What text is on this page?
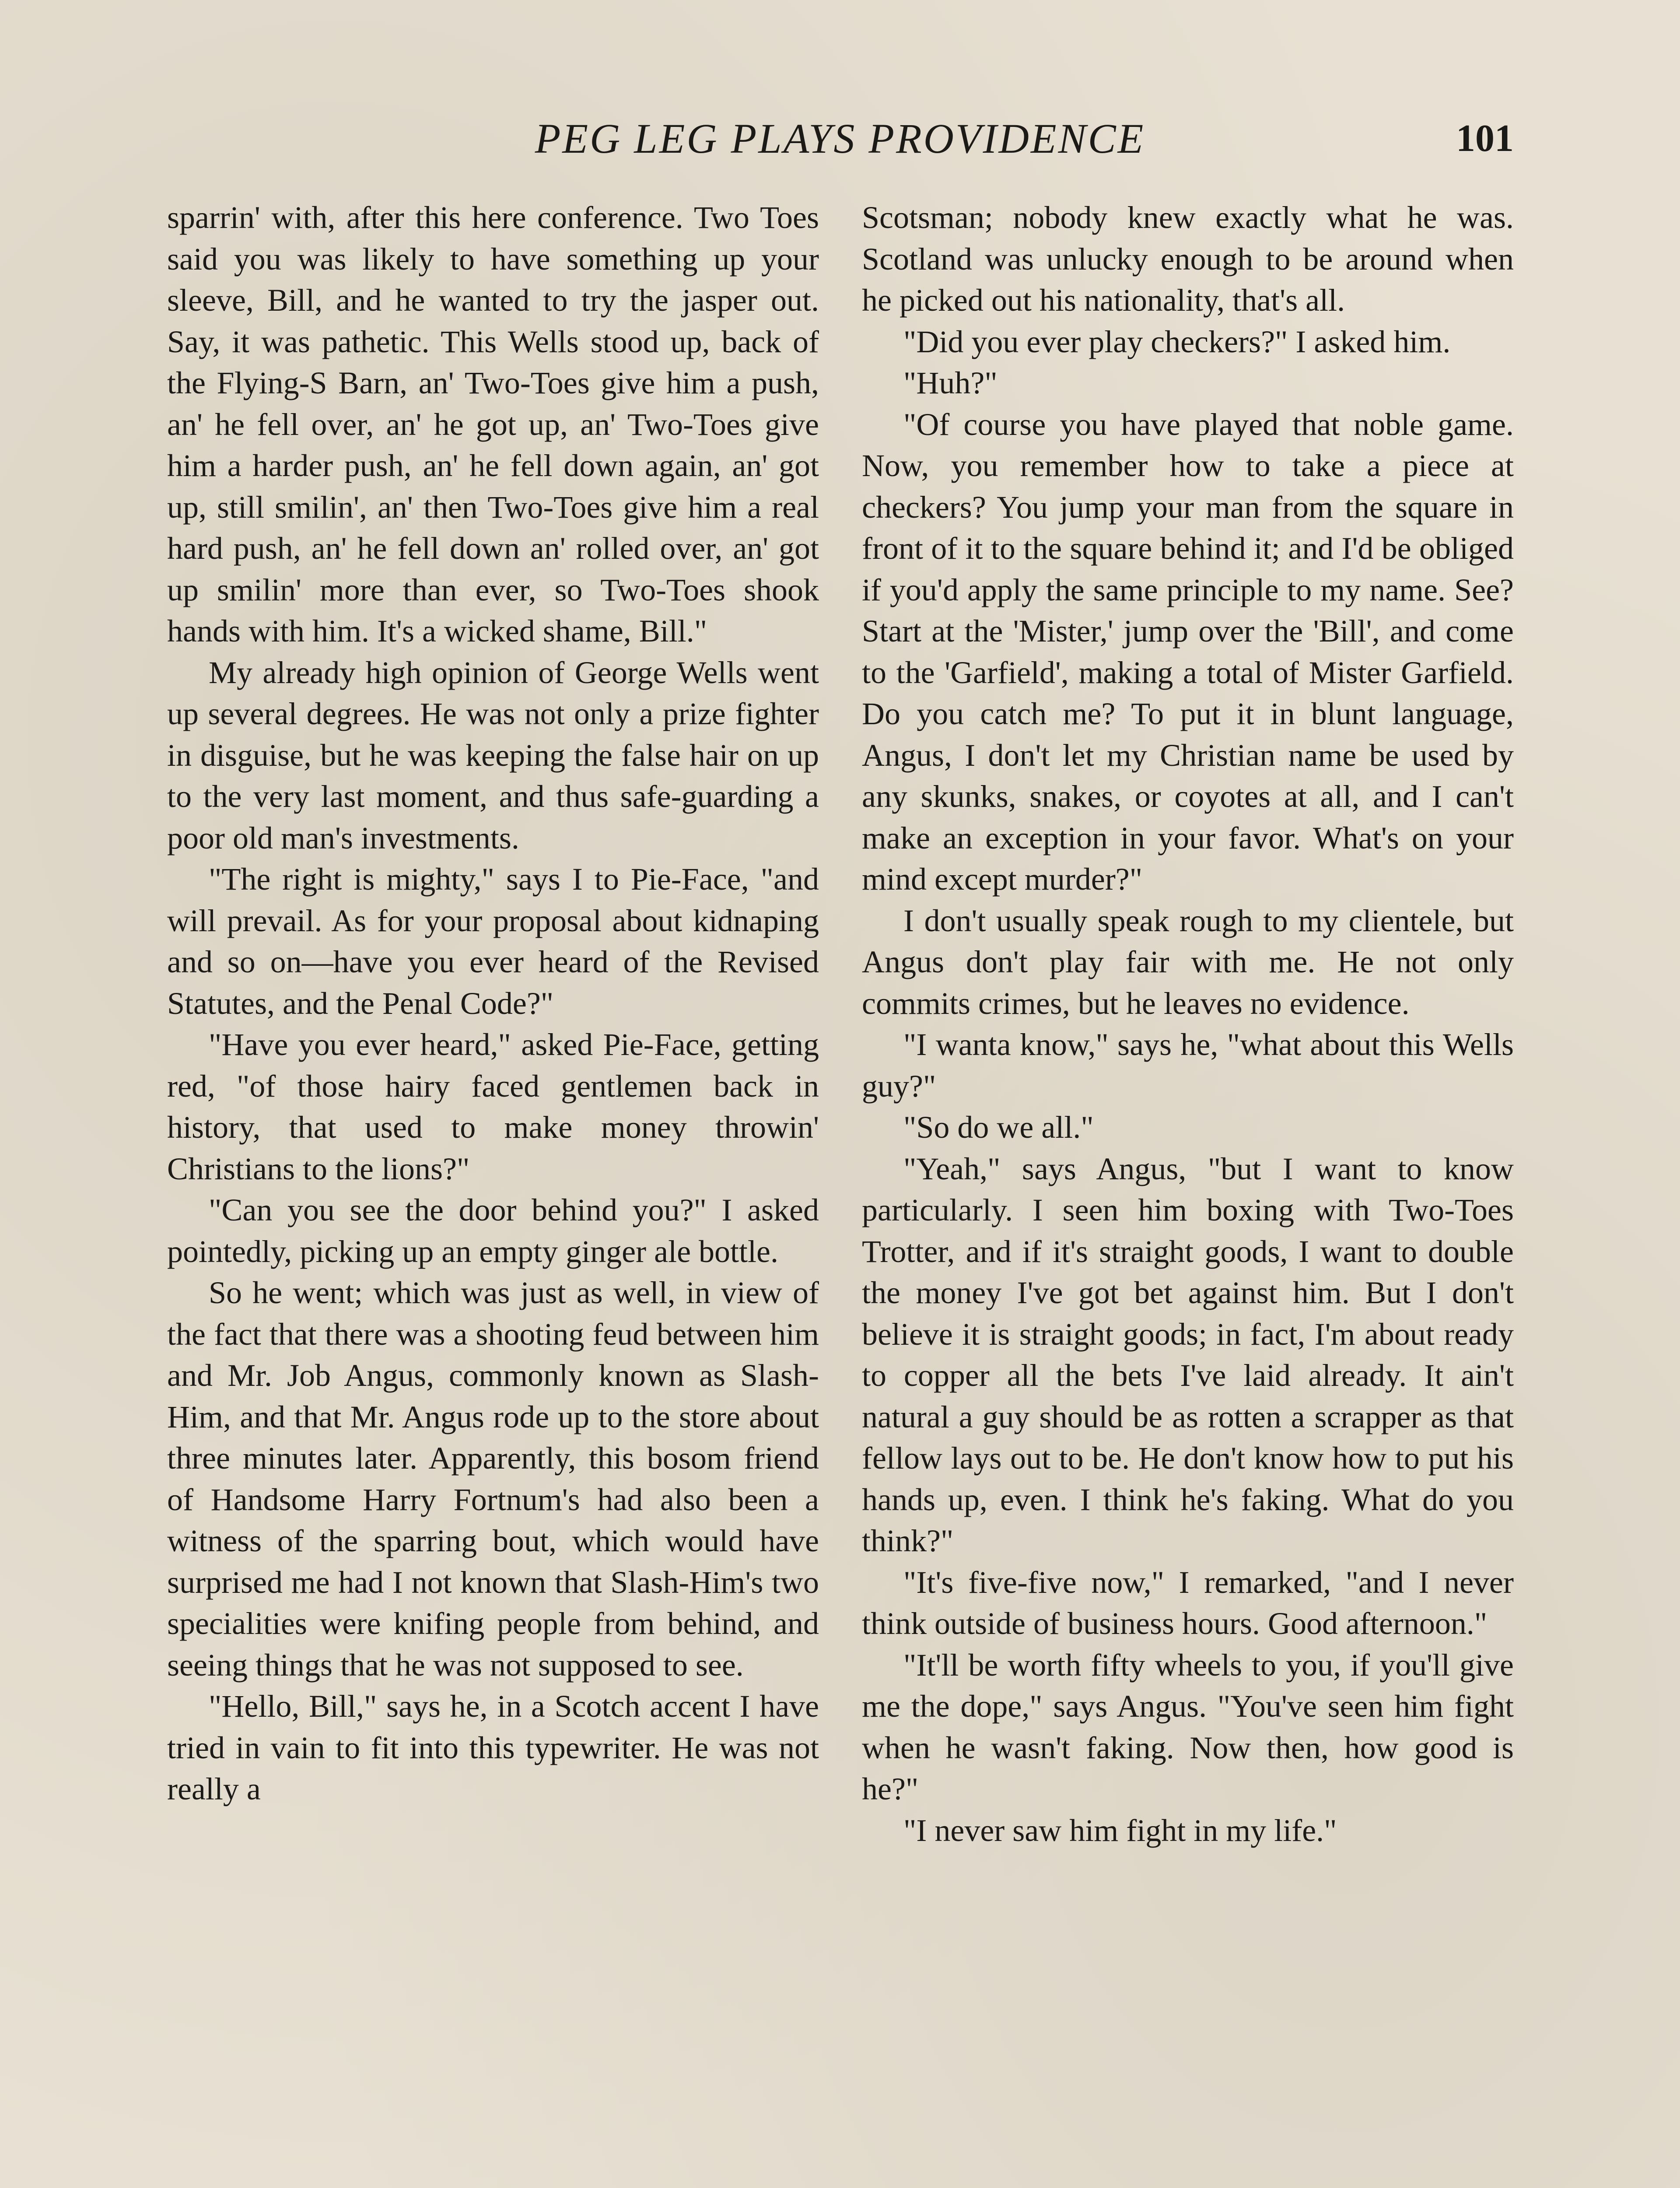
PEG LEG PLAYS PROVIDENCE	101

sparrin' with, after this here conference. Two Toes said you was likely to have something up your sleeve, Bill, and he wanted to try the jasper out. Say, it was pathetic. This Wells stood up, back of the Flying-S Barn, an' Two-Toes give him a push, an' he fell over, an' he got up, an' Two-Toes give him a harder push, an' he fell down again, an' got up, still smilin', an' then Two-Toes give him a real hard push, an' he fell down an' rolled over, an' got up smilin' more than ever, so Two-Toes shook hands with him. It's a wicked shame, Bill."

My already high opinion of George Wells went up several degrees. He was not only a prize fighter in disguise, but he was keeping the false hair on up to the very last moment, and thus safe-guarding a poor old man's investments.

"The right is mighty," says I to Pie-Face, "and will prevail. As for your proposal about kidnaping and so on—have you ever heard of the Revised Statutes, and the Penal Code?"

"Have you ever heard," asked Pie-Face, getting red, "of those hairy faced gentlemen back in history, that used to make money throwin' Christians to the lions?"

"Can you see the door behind you?" I asked pointedly, picking up an empty ginger ale bottle.

So he went; which was just as well, in view of the fact that there was a shooting feud between him and Mr. Job Angus, commonly known as Slash-Him, and that Mr. Angus rode up to the store about three minutes later. Apparently, this bosom friend of Handsome Harry Fortnum's had also been a witness of the sparring bout, which would have surprised me had I not known that Slash-Him's two specialities were knifing people from behind, and seeing things that he was not supposed to see.

"Hello, Bill," says he, in a Scotch accent I have tried in vain to fit into this typewriter. He was not really a

Scotsman; nobody knew exactly what he was. Scotland was unlucky enough to be around when he picked out his nationality, that's all.

"Did you ever play checkers?" I asked him.

"Huh?"

"Of course you have played that noble game. Now, you remember how to take a piece at checkers? You jump your man from the square in front of it to the square behind it; and I'd be obliged if you'd apply the same principle to my name. See? Start at the 'Mister,' jump over the 'Bill', and come to the 'Garfield', making a total of Mister Garfield. Do you catch me? To put it in blunt language, Angus, I don't let my Christian name be used by any skunks, snakes, or coyotes at all, and I can't make an exception in your favor. What's on your mind except murder?"

I don't usually speak rough to my clientele, but Angus don't play fair with me. He not only commits crimes, but he leaves no evidence.

"I wanta know," says he, "what about this Wells guy?"

"So do we all."

"Yeah," says Angus, "but I want to know particularly. I seen him boxing with Two-Toes Trotter, and if it's straight goods, I want to double the money I've got bet against him. But I don't believe it is straight goods; in fact, I'm about ready to copper all the bets I've laid already. It ain't natural a guy should be as rotten a scrapper as that fellow lays out to be. He don't know how to put his hands up, even. I think he's faking. What do you think?"

"It's five-five now," I remarked, "and I never think outside of business hours. Good afternoon."

"It'll be worth fifty wheels to you, if you'll give me the dope," says Angus. "You've seen him fight when he wasn't faking. Now then, how good is he?"

"I never saw him fight in my life."
